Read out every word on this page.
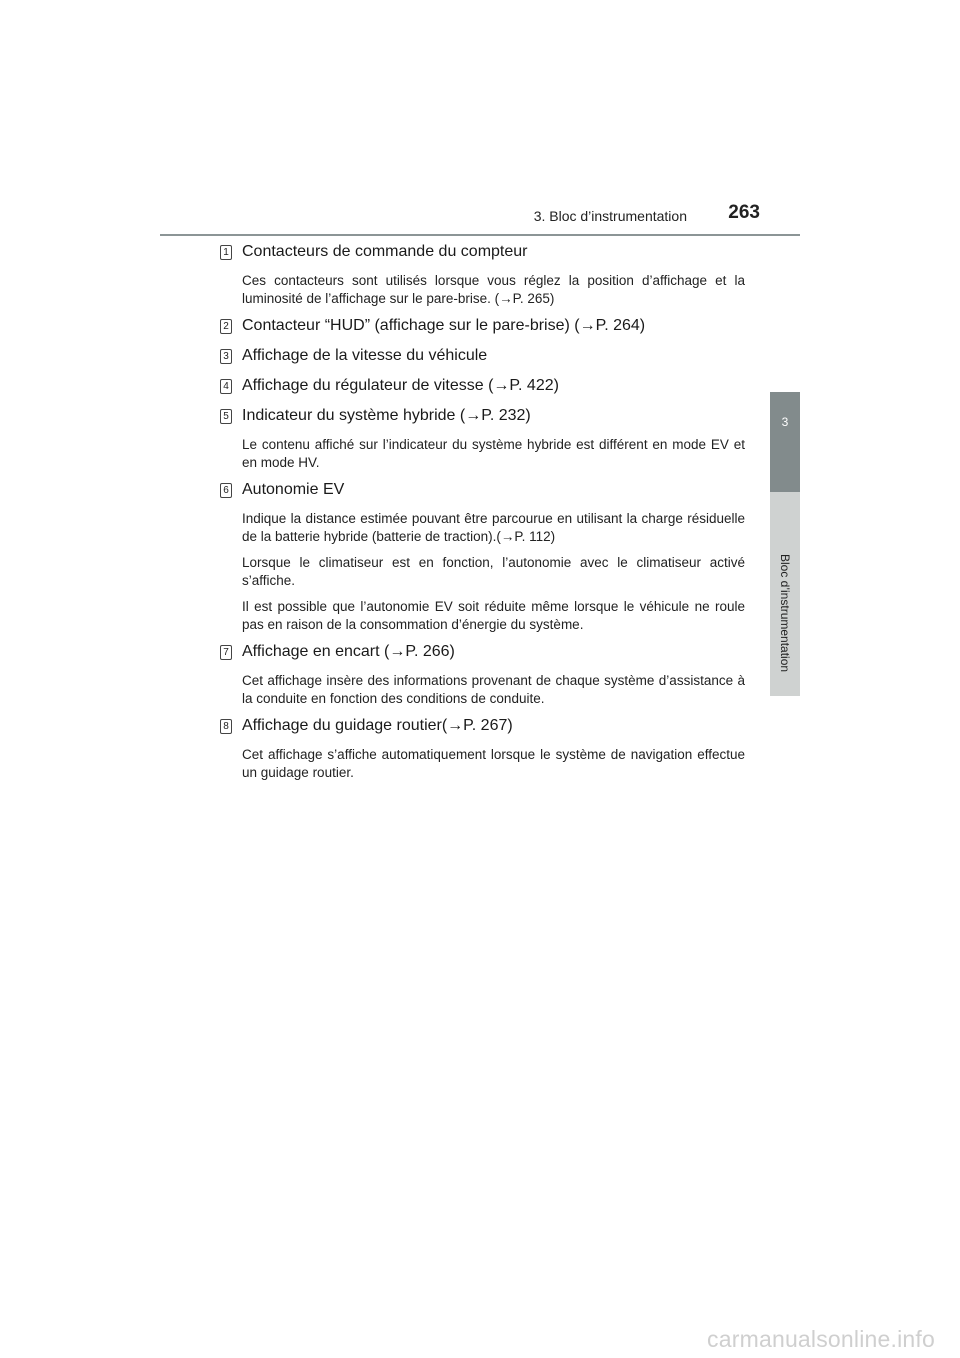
3. Bloc d’instrumentation	263
3
Bloc d’instrumentation
1 Contacteurs de commande du compteur

Ces contacteurs sont utilisés lorsque vous réglez la position d’affichage et la luminosité de l’affichage sur le pare-brise. (→P. 265)

2 Contacteur “HUD” (affichage sur le pare-brise) (→P. 264)
3 Affichage de la vitesse du véhicule
4 Affichage du régulateur de vitesse (→P. 422)
5 Indicateur du système hybride (→P. 232)

Le contenu affiché sur l’indicateur du système hybride est différent en mode EV et en mode HV.

6 Autonomie EV

Indique la distance estimée pouvant être parcourue en utilisant la charge résiduelle de la batterie hybride (batterie de traction).(→P. 112)

Lorsque le climatiseur est en fonction, l’autonomie avec le climatiseur activé s’affiche.

Il est possible que l’autonomie EV soit réduite même lorsque le véhicule ne roule pas en raison de la consommation d’énergie du système.

7 Affichage en encart (→P. 266)

Cet affichage insère des informations provenant de chaque système d’assistance à la conduite en fonction des conditions de conduite.

8 Affichage du guidage routier(→P. 267)

Cet affichage s’affiche automatiquement lorsque le système de navigation effectue un guidage routier.

carmanualsonline.info
